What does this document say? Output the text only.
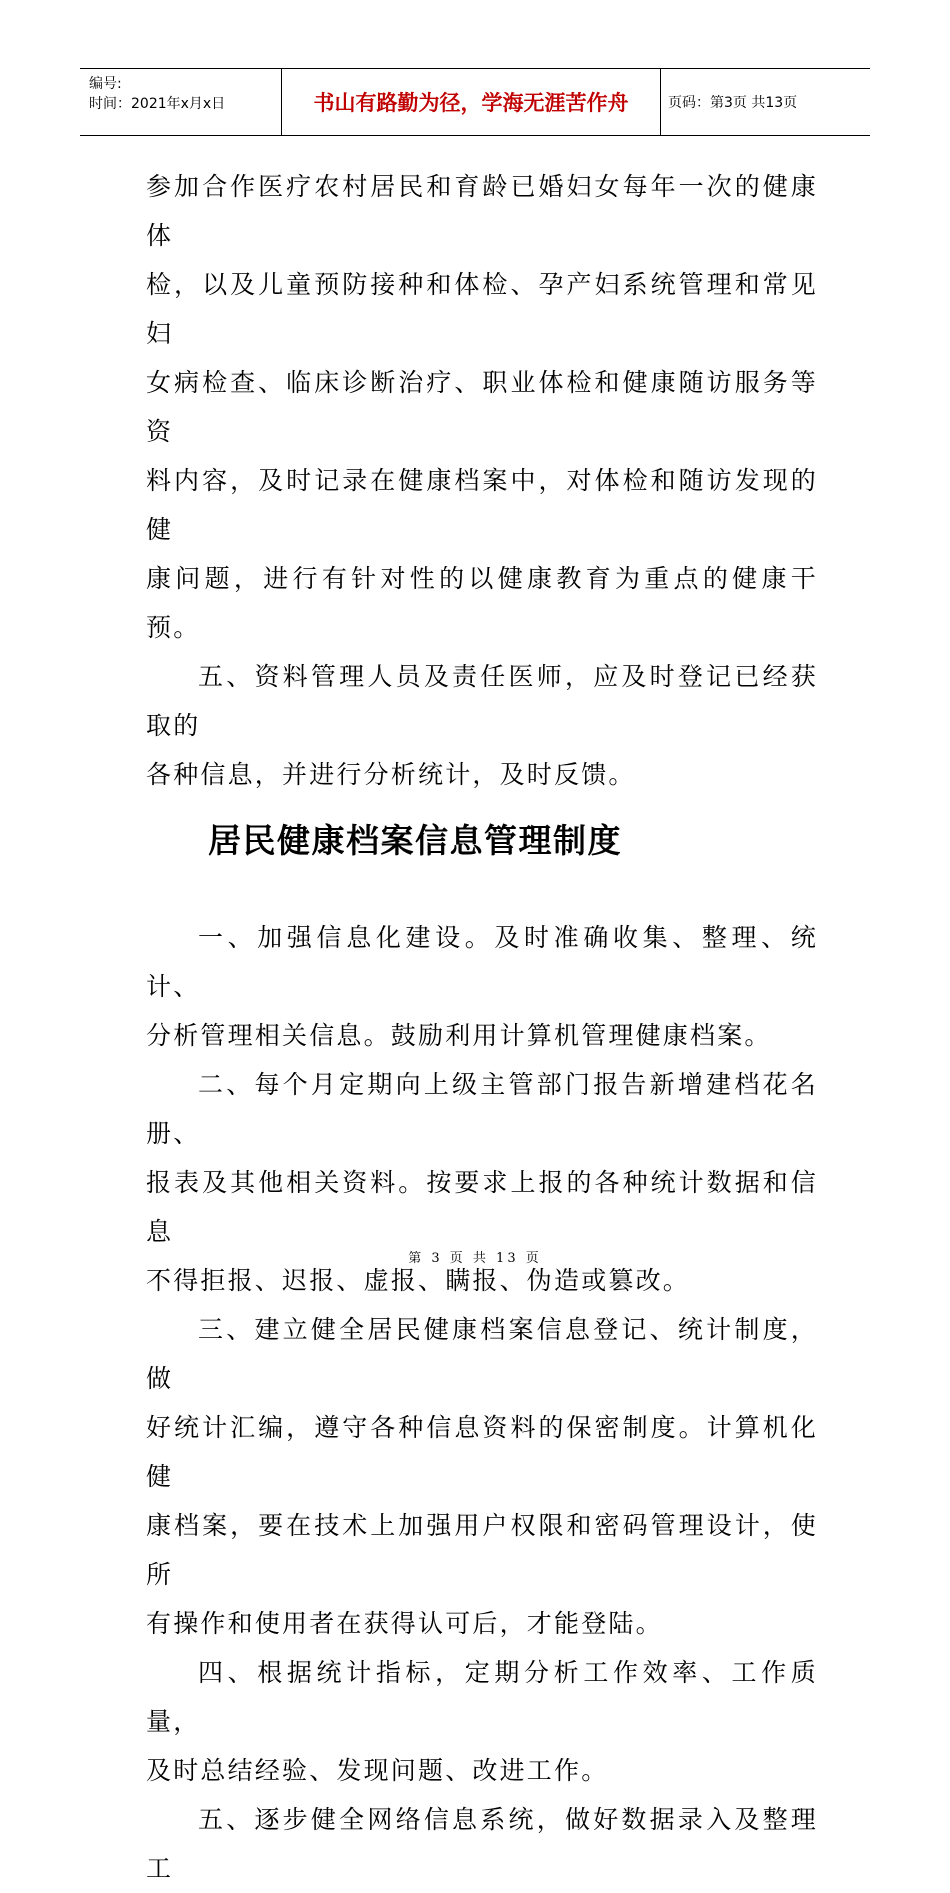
编号:
时间：2021年x月x日	书山有路勤为径，学海无涯苦作舟	页码：第3页 共13页

参加合作医疗农村居民和育龄已婚妇女每年一次的健康体

检，以及儿童预防接种和体检、孕产妇系统管理和常见妇

女病检查、临床诊断治疗、职业体检和健康随访服务等资

料内容，及时记录在健康档案中，对体检和随访发现的健

康问题，进行有针对性的以健康教育为重点的健康干预。

五、资料管理人员及责任医师，应及时登记已经获取的

各种信息，并进行分析统计，及时反馈。

居民健康档案信息管理制度

一、加强信息化建设。及时准确收集、整理、统计、

分析管理相关信息。鼓励利用计算机管理健康档案。

二、每个月定期向上级主管部门报告新增建档花名册、

报表及其他相关资料。按要求上报的各种统计数据和信息

不得拒报、迟报、虚报、瞒报、伪造或篡改。

三、建立健全居民健康档案信息登记、统计制度，做

好统计汇编，遵守各种信息资料的保密制度。计算机化健

康档案，要在技术上加强用户权限和密码管理设计，使所

有操作和使用者在获得认可后，才能登陆。

四、根据统计指标，定期分析工作效率、工作质量，

及时总结经验、发现问题、改进工作。

五、逐步健全网络信息系统，做好数据录入及整理工

第 3 页 共 13 页
